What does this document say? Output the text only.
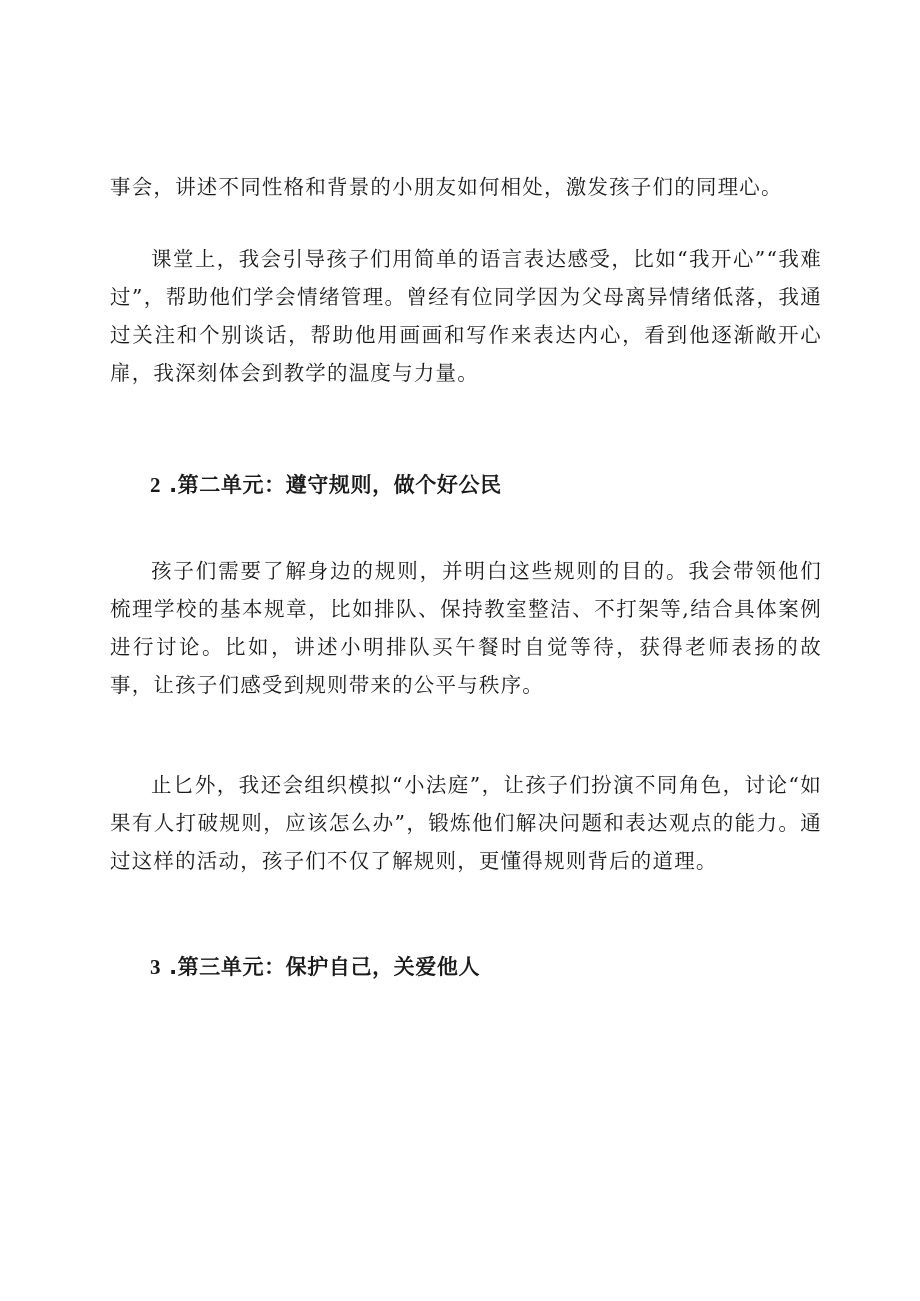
事会，讲述不同性格和背景的小朋友如何相处，激发孩子们的同理心。

课堂上，我会引导孩子们用简单的语言表达感受，比如“我开心”“我难过”，帮助他们学会情绪管理。曾经有位同学因为父母离异情绪低落，我通过关注和个别谈话，帮助他用画画和写作来表达内心，看到他逐渐敞开心扉，我深刻体会到教学的温度与力量。

2 .第二单元：遵守规则，做个好公民

孩子们需要了解身边的规则，并明白这些规则的目的。我会带领他们梳理学校的基本规章，比如排队、保持教室整洁、不打架等,结合具体案例进行讨论。比如，讲述小明排队买午餐时自觉等待，获得老师表扬的故事，让孩子们感受到规则带来的公平与秩序。

止匕外，我还会组织模拟“小法庭”，让孩子们扮演不同角色，讨论“如果有人打破规则，应该怎么办”，锻炼他们解决问题和表达观点的能力。通过这样的活动，孩子们不仅了解规则，更懂得规则背后的道理。

3 .第三单元：保护自己，关爱他人
